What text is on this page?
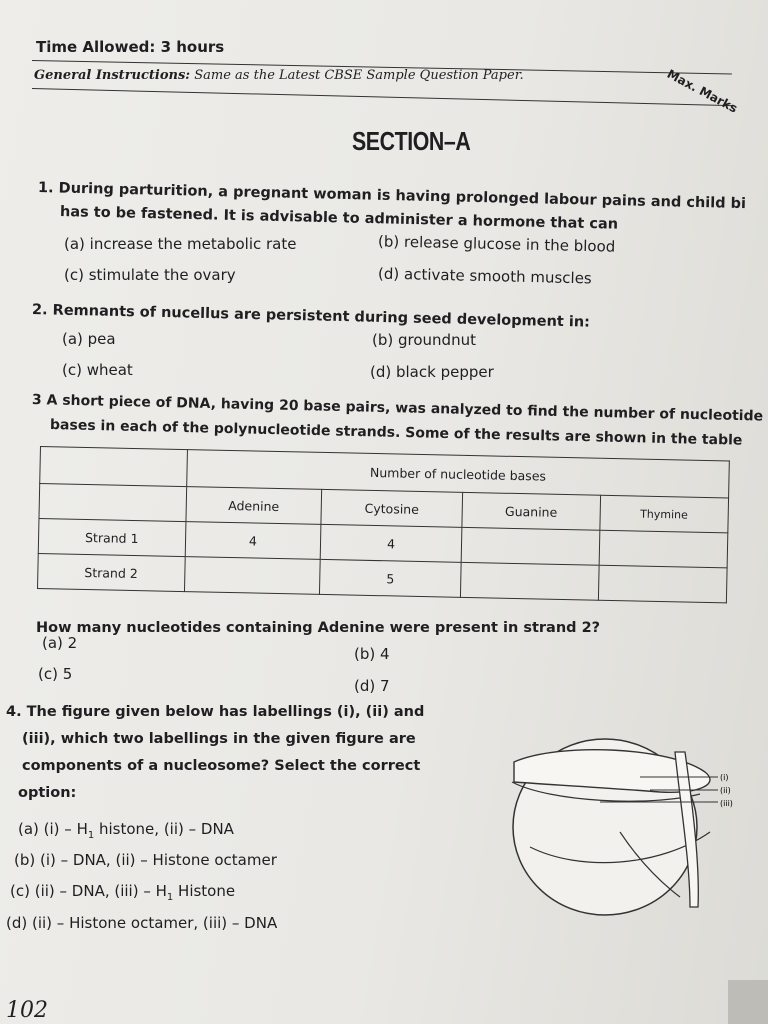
Time Allowed: 3 hours
General Instructions: Same as the Latest CBSE Sample Question Paper.	Max. Marks
SECTION–A
1. During parturition, a pregnant woman is having prolonged labour pains and child bi
has to be fastened. It is advisable to administer a hormone that can
(a) increase the metabolic rate	(b) release glucose in the blood
(c) stimulate the ovary	(d) activate smooth muscles
2. Remnants of nucellus are persistent during seed development in:
(a) pea	(b) groundnut
(c) wheat	(d) black pepper
3 A short piece of DNA, having 20 base pairs, was analyzed to find the number of nucleotide
bases in each of the polynucleotide strands. Some of the results are shown in the table
	Number of nucleotide bases			
	Adenine	Cytosine	Guanine	Thymine
Strand 1	4	4		
Strand 2		5		
How many nucleotides containing Adenine were present in strand 2?
(a) 2
(b) 4
(c) 5
(d) 7
4. The figure given below has labellings (i), (ii) and
(iii), which two labellings in the given figure are
components of a nucleosome? Select the correct
option:
(a) $(i) - H_1$ histone, (ii) – DNA
(b) (i) – DNA, (ii) – Histone octamer
(c) (ii) – DNA, $(iii) - H_1$ Histone
(d) (ii) – Histone octamer, (iii) – DNA
(i)
(ii)
(iii)
102
